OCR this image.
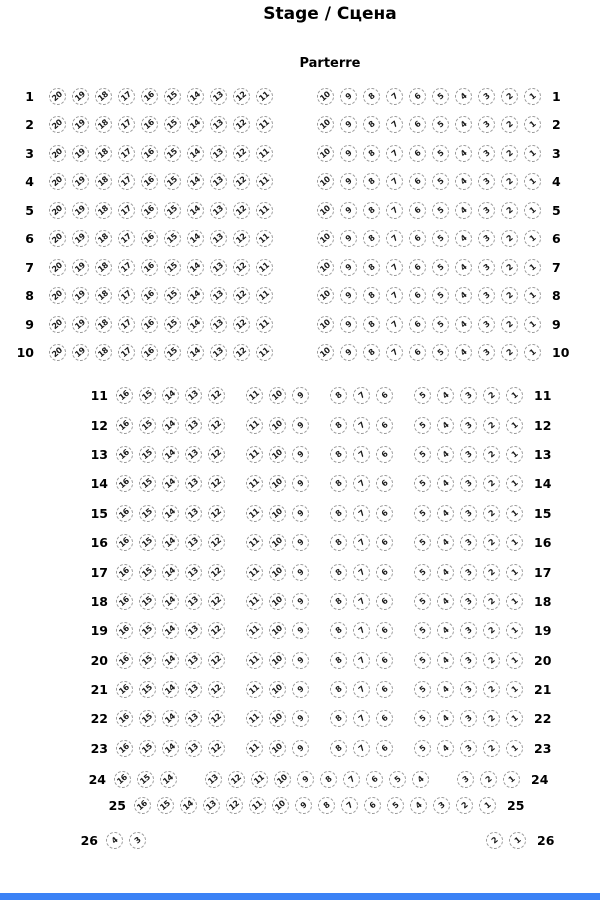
Stage / Сцена
Parterre
1 20 19 18 17 16 15 14 13 12 11	10 9 8 7 6 5 4 3 2 1 1
2 20 19 18 17 16 15 14 13 12 11	10 9 8 7 6 5 4 3 2 1 2
3 20 19 18 17 16 15 14 13 12 11	10 9 8 7 6 5 4 3 2 1 3
4 20 19 18 17 16 15 14 13 12 11	10 9 8 7 6 5 4 3 2 1 4
5 20 19 18 17 16 15 14 13 12 11	10 9 8 7 6 5 4 3 2 1 5
6 20 19 18 17 16 15 14 13 12 11	10 9 8 7 6 5 4 3 2 1 6
7 20 19 18 17 16 15 14 13 12 11	10 9 8 7 6 5 4 3 2 1 7
8 20 19 18 17 16 15 14 13 12 11	10 9 8 7 6 5 4 3 2 1 8
9 20 19 18 17 16 15 14 13 12 11	10 9 8 7 6 5 4 3 2 1 9
10 20 19 18 17 16 15 14 13 12 11	10 9 8 7 6 5 4 3 2 1 10
11 16 15 14 13 12	11 10 9	8 7 6	5 4 3 2 1 11
12 16 15 14 13 12	11 10 9	8 7 6	5 4 3 2 1 12
13 16 15 14 13 12	11 10 9	8 7 6	5 4 3 2 1 13
14 16 15 14 13 12	11 10 9	8 7 6	5 4 3 2 1 14
15 16 15 14 13 12	11 10 9	8 7 6	5 4 3 2 1 15
16 16 15 14 13 12	11 10 9	8 7 6	5 4 3 2 1 16
17 16 15 14 13 12	11 10 9	8 7 6	5 4 3 2 1 17
18 16 15 14 13 12	11 10 9	8 7 6	5 4 3 2 1 18
19 16 15 14 13 12	11 10 9	8 7 6	5 4 3 2 1 19
20 16 15 14 13 12	11 10 9	8 7 6	5 4 3 2 1 20
21 16 15 14 13 12	11 10 9	8 7 6	5 4 3 2 1 21
22 16 15 14 13 12	11 10 9	8 7 6	5 4 3 2 1 22
23 16 15 14 13 12	11 10 9	8 7 6	5 4 3 2 1 23
24 16 15 14	13 12 11 10 9 8 7 6 5 4	3 2 1 24
25 16 15 14 13 12 11 10 9 8 7 6 5 4 3 2 1 25
26 4 3	2 1 26
